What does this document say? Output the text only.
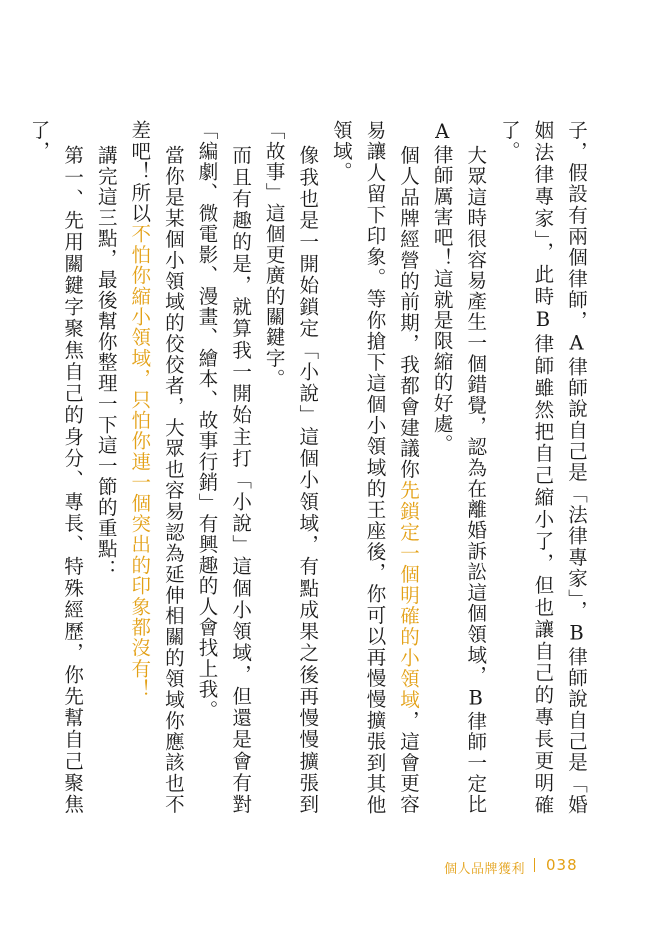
子，假設有兩個律師，A律師說自己是「法律專家」，B律師說自己是「婚姻法律專家」，此時B律師雖然把自己縮小了，但也讓自己的專長更明確了。

大眾這時很容易產生一個錯覺，認為在離婚訴訟這個領域，B律師一定比A律師厲害吧！這就是限縮的好處。

個人品牌經營的前期，我都會建議你先鎖定一個明確的小領域，這會更容易讓人留下印象。等你搶下這個小領域的王座後，你可以再慢慢擴張到其他領域。

像我也是一開始鎖定「小說」這個小領域，有點成果之後再慢慢擴張到「故事」這個更廣的關鍵字。

而且有趣的是，就算我一開始主打「小說」這個小領域，但還是會有對「編劇、微電影、漫畫、繪本、故事行銷」有興趣的人會找上我。

當你是某個小領域的佼佼者，大眾也容易認為延伸相關的領域你應該也不差吧！所以不怕你縮小領域，只怕你連一個突出的印象都沒有！

講完這三點，最後幫你整理一下這一節的重點：

第一、先用關鍵字聚焦自己的身分、專長、特殊經歷，你先幫自己聚焦了，

個人品牌獲利 038
